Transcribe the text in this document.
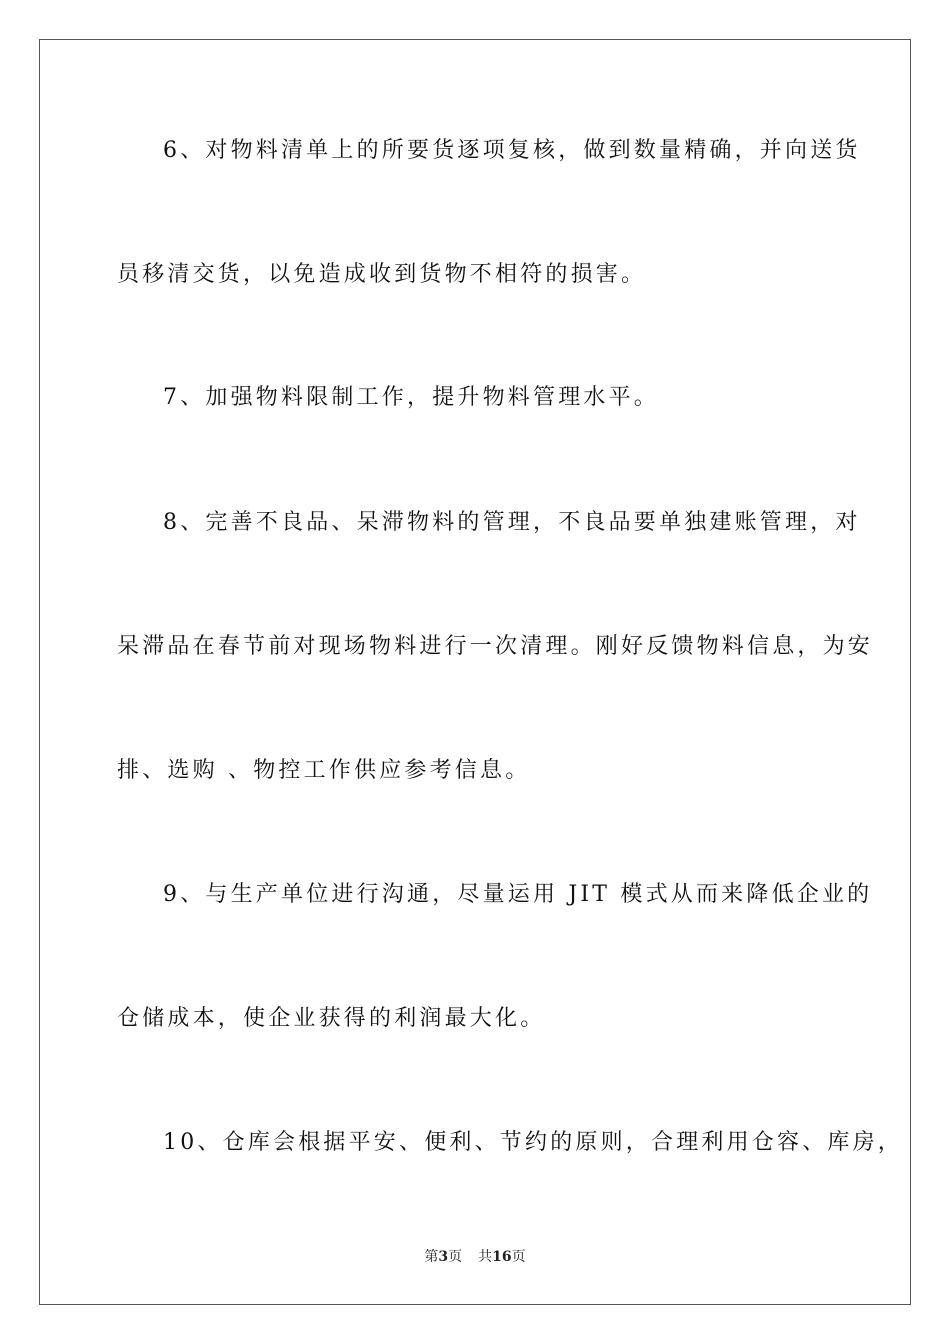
6、对物料清单上的所要货逐项复核，做到数量精确，并向送货
员移清交货，以免造成收到货物不相符的损害。
7、加强物料限制工作，提升物料管理水平。
8、完善不良品、呆滞物料的管理，不良品要单独建账管理，对
呆滞品在春节前对现场物料进行一次清理。刚好反馈物料信息，为安
排、选购 、物控工作供应参考信息。
9、与生产单位进行沟通，尽量运用 JIT 模式从而来降低企业的
仓储成本，使企业获得的利润最大化。
10、仓库会根据平安、便利、节约的原则，合理利用仓容、库房，
第3页 共16页
